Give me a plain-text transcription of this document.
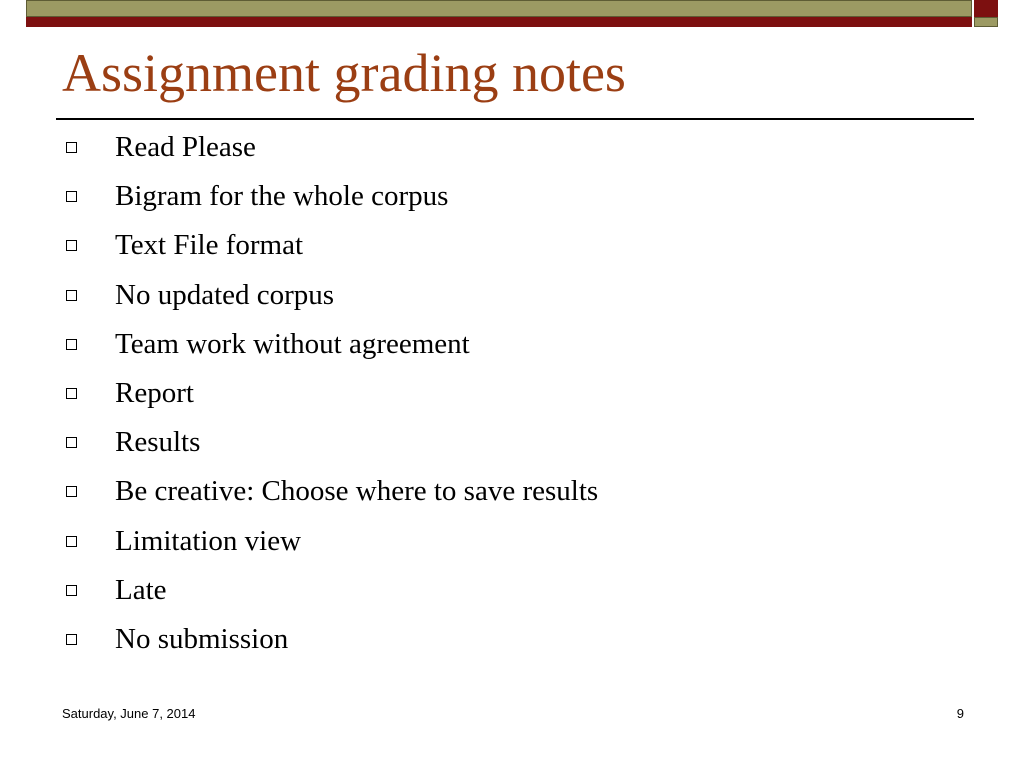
Assignment grading notes
Read Please
Bigram for the whole corpus
Text File format
No updated corpus
Team work without agreement
Report
Results
Be creative: Choose where to save results
Limitation view
Late
No submission
Saturday, June 7, 2014	9
